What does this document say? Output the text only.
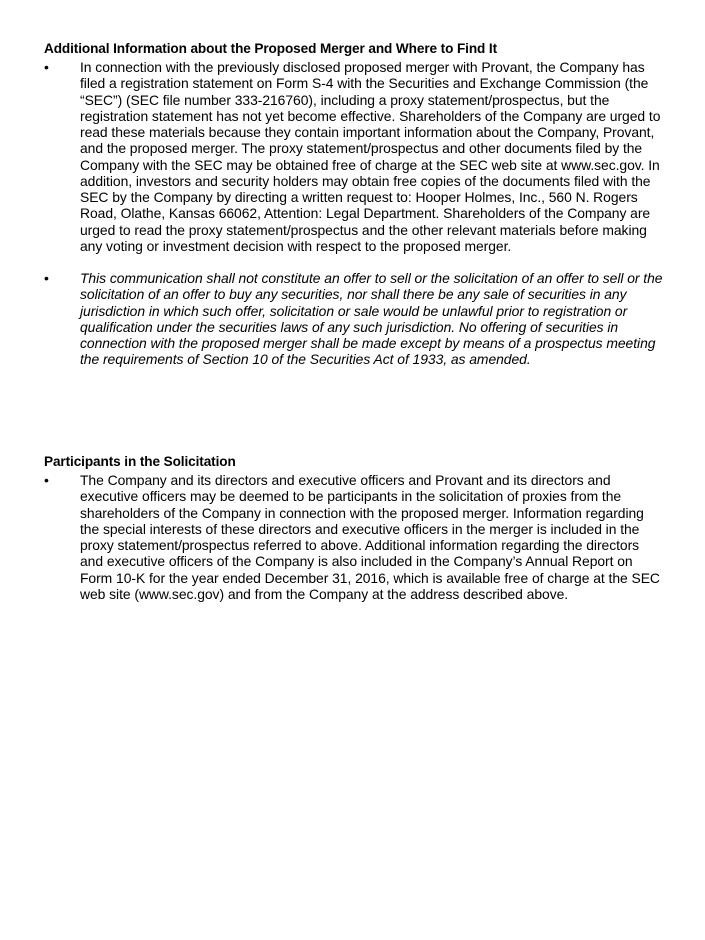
Additional Information about the Proposed Merger and Where to Find It

•	In connection with the previously disclosed proposed merger with Provant, the Company has filed a registration statement on Form S-4 with the Securities and Exchange Commission (the “SEC”) (SEC file number 333-216760), including a proxy statement/prospectus, but the registration statement has not yet become effective. Shareholders of the Company are urged to read these materials because they contain important information about the Company, Provant, and the proposed merger. The proxy statement/prospectus and other documents filed by the Company with the SEC may be obtained free of charge at the SEC web site at www.sec.gov. In addition, investors and security holders may obtain free copies of the documents filed with the SEC by the Company by directing a written request to: Hooper Holmes, Inc., 560 N. Rogers Road, Olathe, Kansas 66062, Attention: Legal Department. Shareholders of the Company are urged to read the proxy statement/prospectus and the other relevant materials before making any voting or investment decision with respect to the proposed merger.

•	This communication shall not constitute an offer to sell or the solicitation of an offer to sell or the solicitation of an offer to buy any securities, nor shall there be any sale of securities in any jurisdiction in which such offer, solicitation or sale would be unlawful prior to registration or qualification under the securities laws of any such jurisdiction. No offering of securities in connection with the proposed merger shall be made except by means of a prospectus meeting the requirements of Section 10 of the Securities Act of 1933, as amended.

Participants in the Solicitation

•	The Company and its directors and executive officers and Provant and its directors and executive officers may be deemed to be participants in the solicitation of proxies from the shareholders of the Company in connection with the proposed merger. Information regarding the special interests of these directors and executive officers in the merger is included in the proxy statement/prospectus referred to above. Additional information regarding the directors and executive officers of the Company is also included in the Company’s Annual Report on Form 10-K for the year ended December 31, 2016, which is available free of charge at the SEC web site (www.sec.gov) and from the Company at the address described above.
